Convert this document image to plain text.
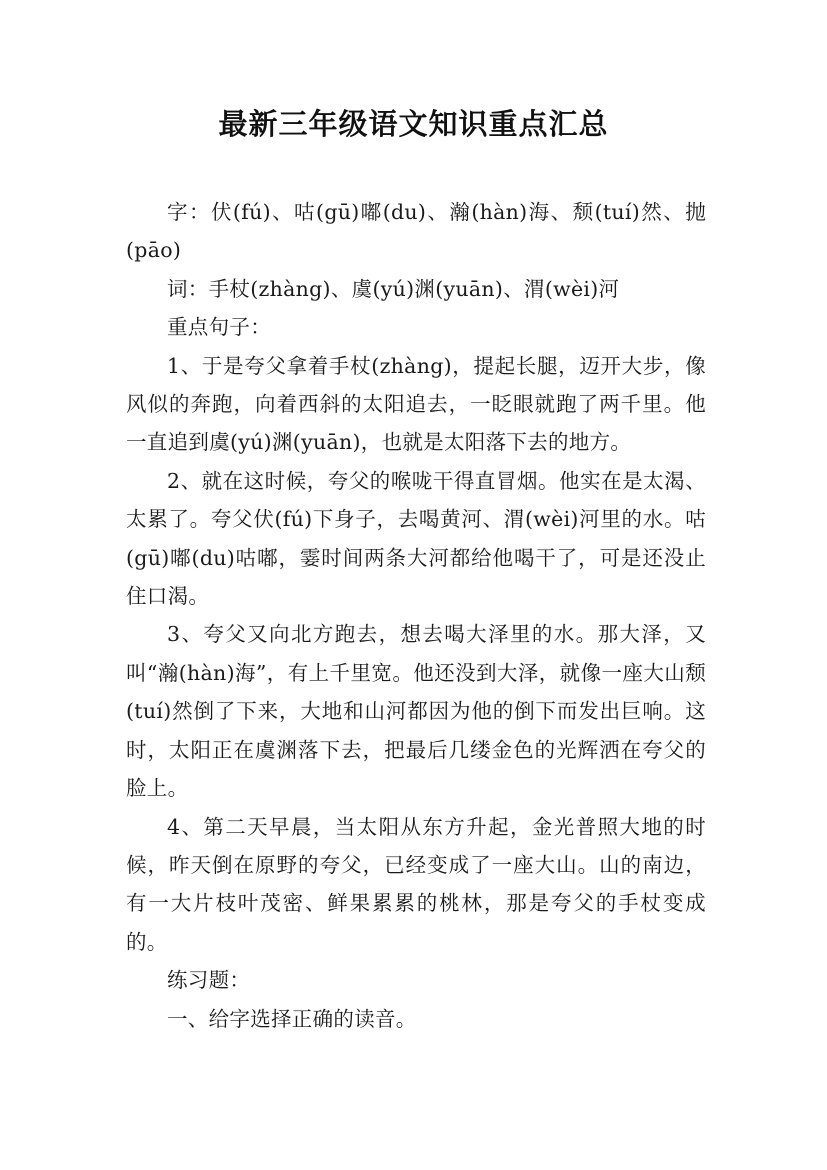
最新三年级语文知识重点汇总

字：伏(fú)、咕(gū)嘟(du)、瀚(hàn)海、颓(tuí)然、抛(pāo)

词：手杖(zhàng)、虞(yú)渊(yuān)、渭(wèi)河

重点句子：

1、于是夸父拿着手杖(zhàng)，提起长腿，迈开大步，像风似的奔跑，向着西斜的太阳追去，一眨眼就跑了两千里。他一直追到虞(yú)渊(yuān)，也就是太阳落下去的地方。

2、就在这时候，夸父的喉咙干得直冒烟。他实在是太渴、太累了。夸父伏(fú)下身子，去喝黄河、渭(wèi)河里的水。咕(gū)嘟(du)咕嘟，霎时间两条大河都给他喝干了，可是还没止住口渴。

3、夸父又向北方跑去，想去喝大泽里的水。那大泽，又叫“瀚(hàn)海”，有上千里宽。他还没到大泽，就像一座大山颓(tuí)然倒了下来，大地和山河都因为他的倒下而发出巨响。这时，太阳正在虞渊落下去，把最后几缕金色的光辉洒在夸父的脸上。

4、第二天早晨，当太阳从东方升起，金光普照大地的时候，昨天倒在原野的夸父，已经变成了一座大山。山的南边，有一大片枝叶茂密、鲜果累累的桃林，那是夸父的手杖变成的。

练习题：

一、给字选择正确的读音。
